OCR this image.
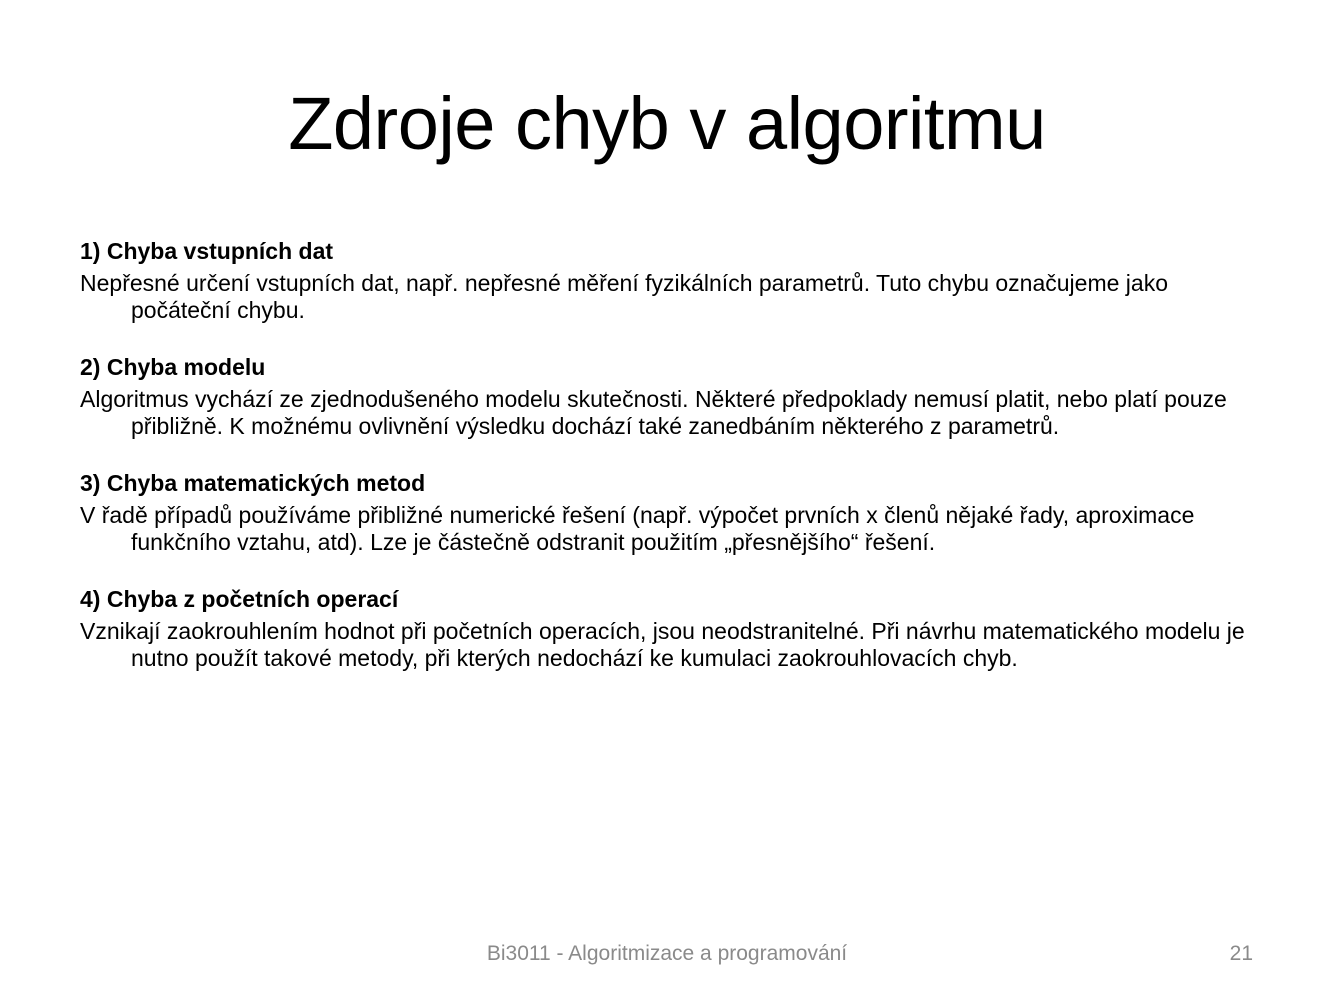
Zdroje chyb v algoritmu

1) Chyba vstupních dat

Nepřesné určení vstupních dat, např. nepřesné měření fyzikálních parametrů. Tuto chybu označujeme jako počáteční chybu.

2) Chyba modelu

Algoritmus vychází ze zjednodušeného modelu skutečnosti. Některé předpoklady nemusí platit, nebo platí pouze přibližně. K možnému ovlivnění výsledku dochází také zanedbáním některého z parametrů.

3) Chyba matematických metod

V řadě případů používáme přibližné numerické řešení (např. výpočet prvních x členů nějaké řady, aproximace funkčního vztahu, atd). Lze je částečně odstranit použitím „přesnějšího“ řešení.

4) Chyba z početních operací

Vznikají zaokrouhlením hodnot při početních operacích, jsou neodstranitelné. Při návrhu matematického modelu je nutno použít takové metody, při kterých nedochází ke kumulaci zaokrouhlovacích chyb.

Bi3011 - Algoritmizace a programování	21
